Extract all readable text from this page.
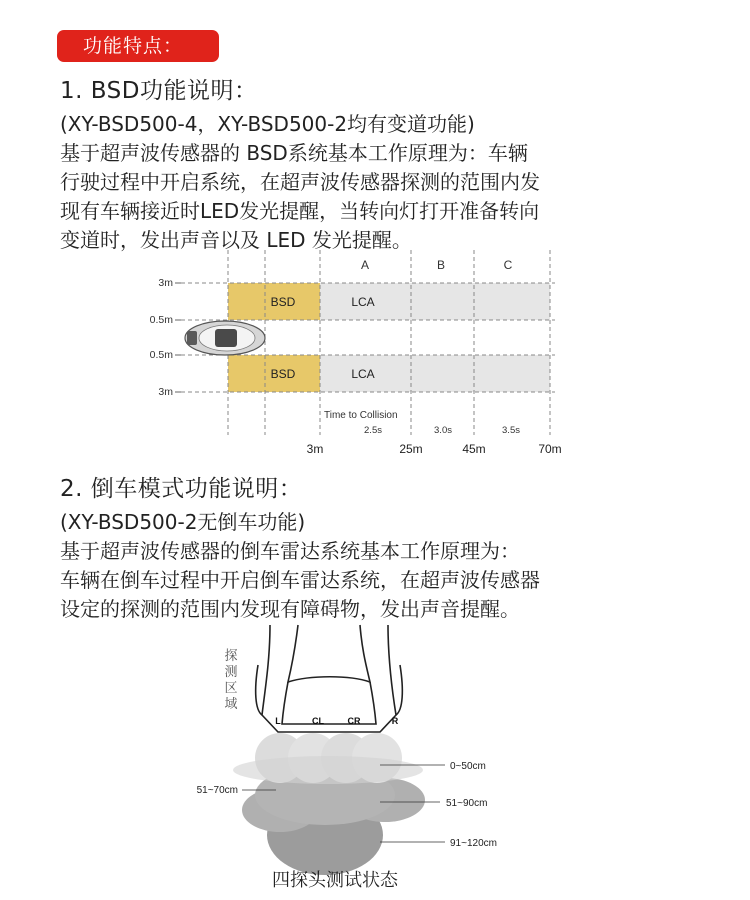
功能特点：
1. BSD功能说明：
(XY-BSD500-4，XY-BSD500-2均有变道功能)
基于超声波传感器的 BSD系统基本工作原理为：车辆
行驶过程中开启系统，在超声波传感器探测的范围内发
现有车辆接近时LED发光提醒，当转向灯打开准备转向
变道时，发出声音以及 LED 发光提醒。
3m
0.5m
0.5m
3m
A	B	C
BSD	LCA
BSD	LCA
Time to Collision
2.5s	3.0s	3.5s
3m	25m	45m	70m
2. 倒车模式功能说明：
(XY-BSD500-2无倒车功能)
基于超声波传感器的倒车雷达系统基本工作原理为：
车辆在倒车过程中开启倒车雷达系统，在超声波传感器
设定的探测的范围内发现有障碍物，发出声音提醒。
探测区域
L	CL	CR	R
0~50cm
51~70cm
51~90cm
91~120cm
四探头测试状态
